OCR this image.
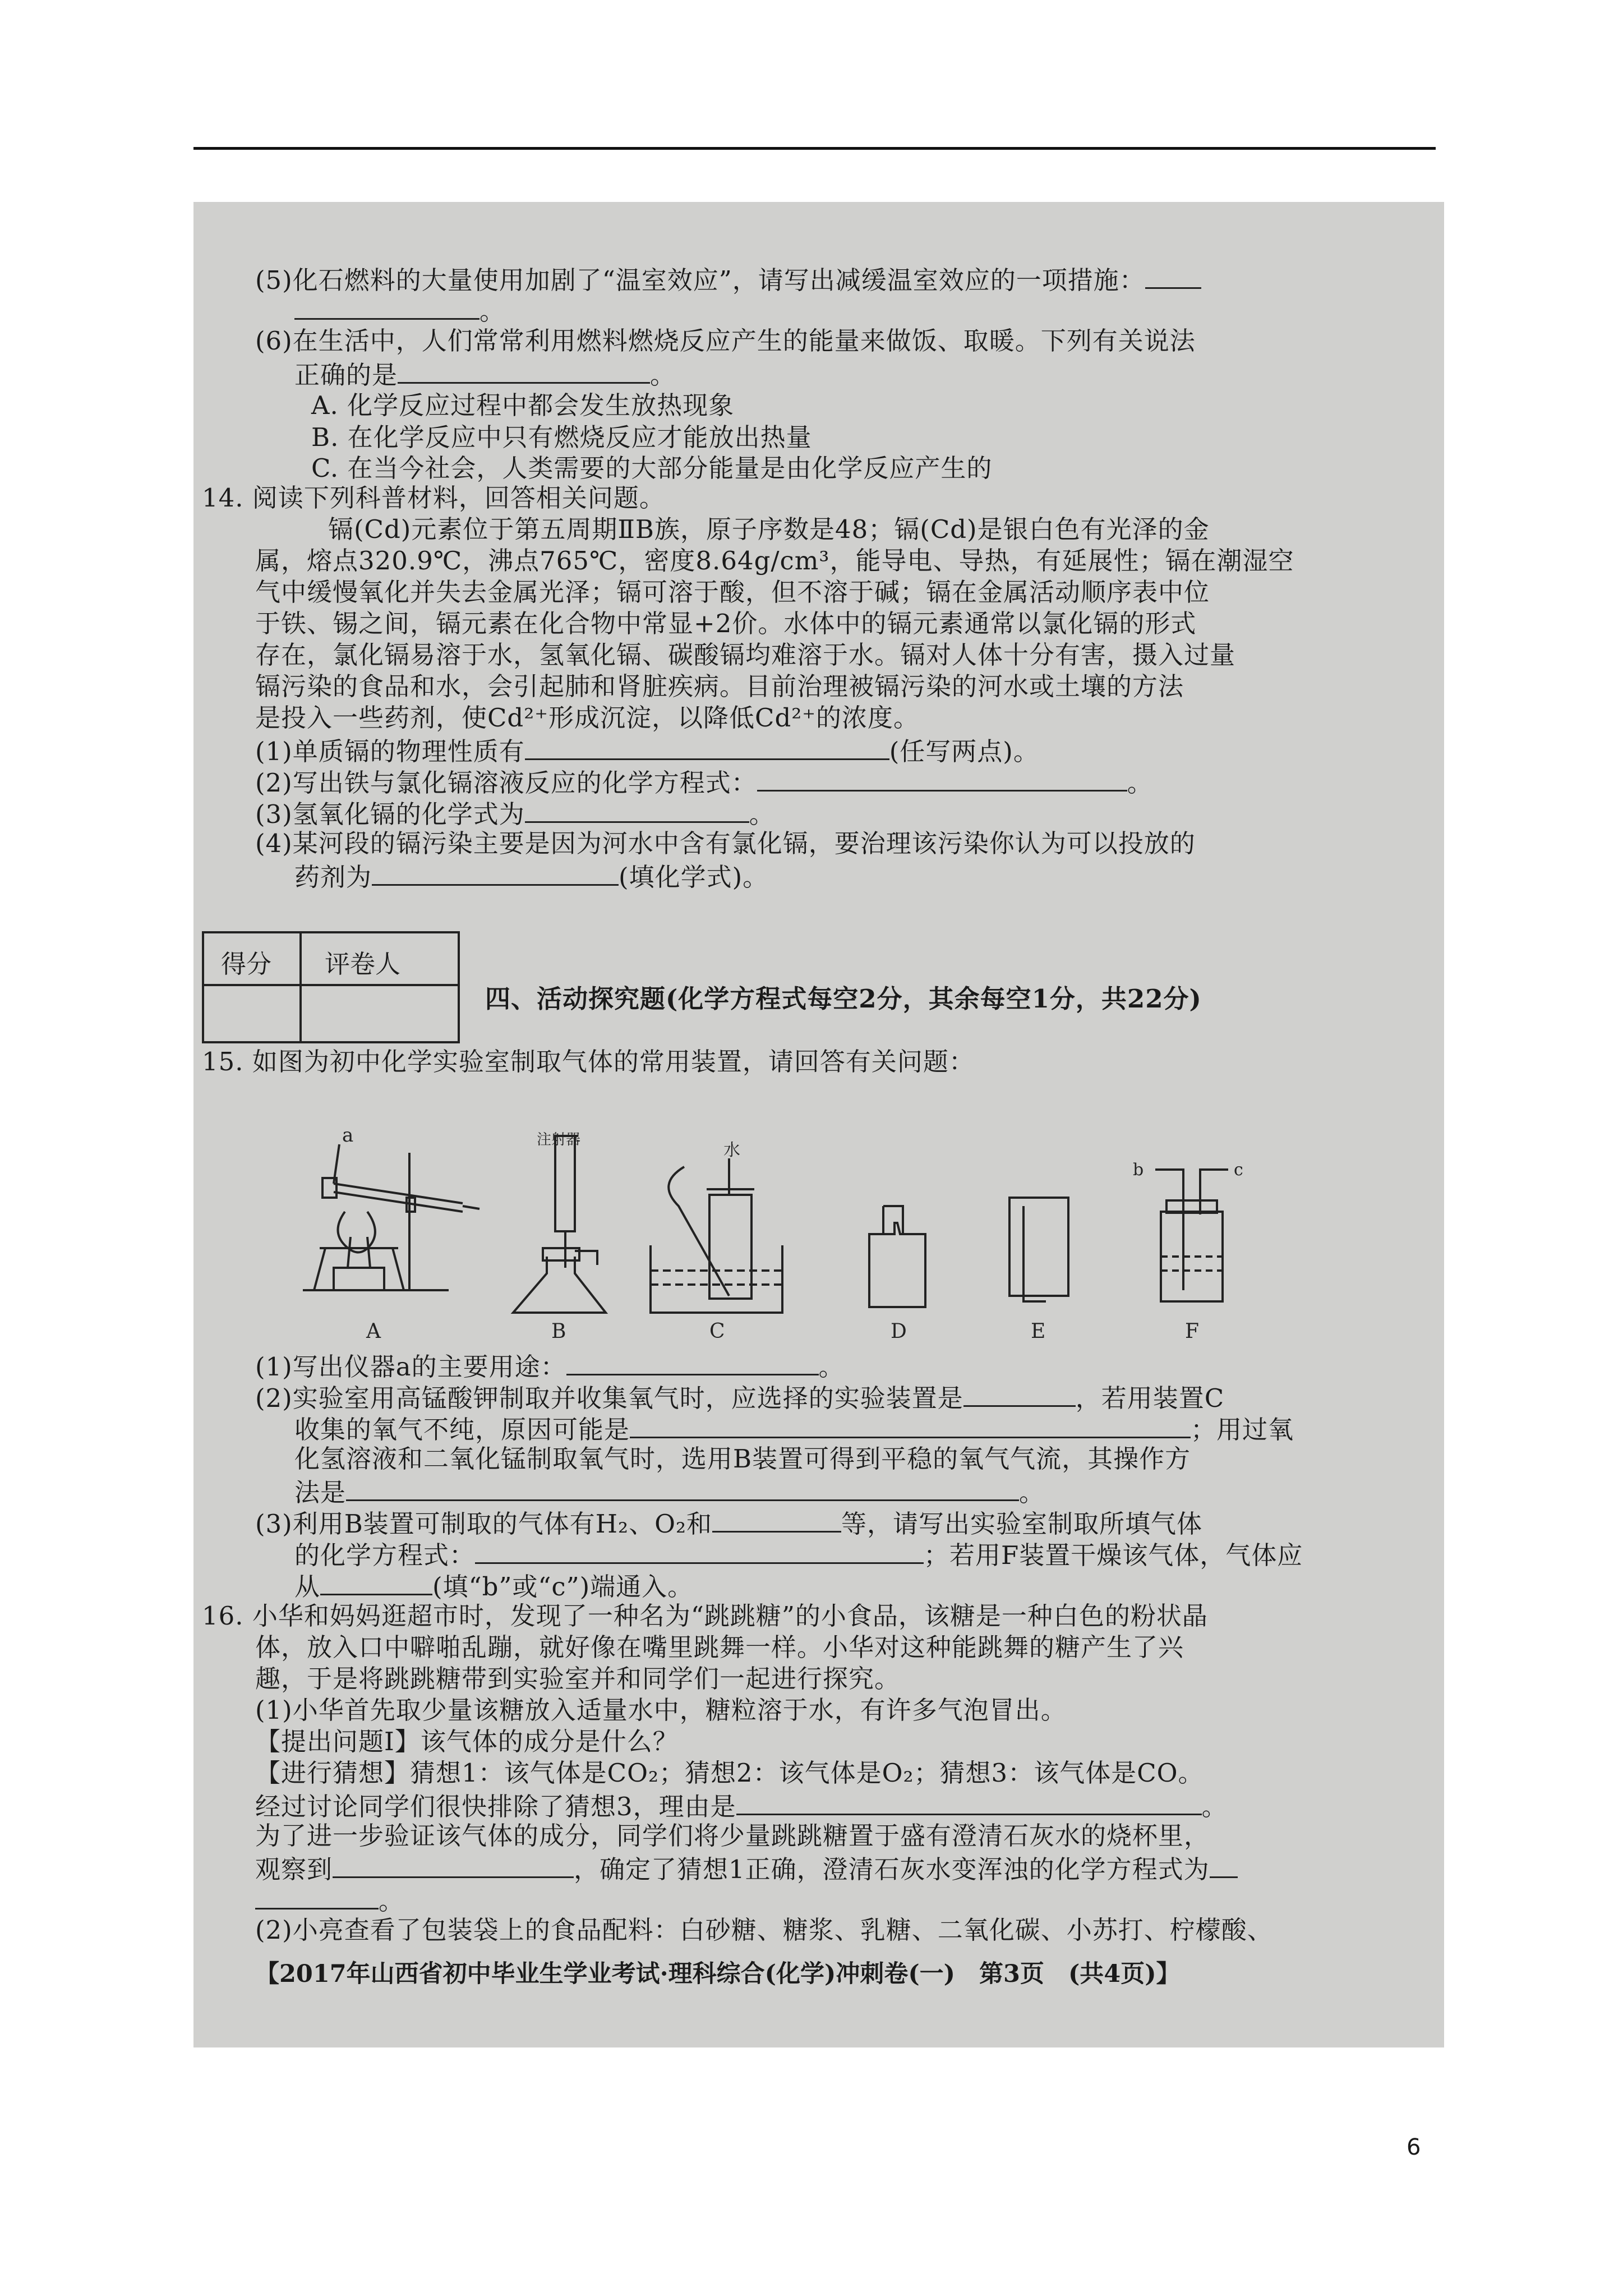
(5)化石燃料的大量使用加剧了“温室效应”，请写出减缓温室效应的一项措施：
。
(6)在生活中，人们常常利用燃料燃烧反应产生的能量来做饭、取暖。下列有关说法
正确的是	。
A. 化学反应过程中都会发生放热现象
B. 在化学反应中只有燃烧反应才能放出热量
C. 在当今社会，人类需要的大部分能量是由化学反应产生的
14. 阅读下列科普材料，回答相关问题。
镉(Cd)元素位于第五周期ⅡB族，原子序数是48；镉(Cd)是银白色有光泽的金
属，熔点320.9℃，沸点765℃，密度8.64g/cm³，能导电、导热，有延展性；镉在潮湿空
气中缓慢氧化并失去金属光泽；镉可溶于酸，但不溶于碱；镉在金属活动顺序表中位
于铁、锡之间，镉元素在化合物中常显+2价。水体中的镉元素通常以氯化镉的形式
存在，氯化镉易溶于水，氢氧化镉、碳酸镉均难溶于水。镉对人体十分有害，摄入过量
镉污染的食品和水，会引起肺和肾脏疾病。目前治理被镉污染的河水或土壤的方法
是投入一些药剂，使Cd²⁺形成沉淀，以降低Cd²⁺的浓度。
(1)单质镉的物理性质有	(任写两点)。
(2)写出铁与氯化镉溶液反应的化学方程式：	。
(3)氢氧化镉的化学式为	。
(4)某河段的镉污染主要是因为河水中含有氯化镉，要治理该污染你认为可以投放的
药剂为	(填化学式)。
得分 评卷人
四、活动探究题(化学方程式每空2分，其余每空1分，共22分)
15. 如图为初中化学实验室制取气体的常用装置，请回答有关问题：
a
A
注射器
B
水
C	D	E
b	c
F
(1)写出仪器a的主要用途：	。
(2)实验室用高锰酸钾制取并收集氧气时，应选择的实验装置是	，若用装置C
收集的氧气不纯，原因可能是	；用过氧
化氢溶液和二氧化锰制取氧气时，选用B装置可得到平稳的氧气气流，其操作方
法是	。
(3)利用B装置可制取的气体有H₂、O₂和	等，请写出实验室制取所填气体
的化学方程式：	；若用F装置干燥该气体，气体应
从	(填“b”或“c”)端通入。
16. 小华和妈妈逛超市时，发现了一种名为“跳跳糖”的小食品，该糖是一种白色的粉状晶
体，放入口中噼啪乱蹦，就好像在嘴里跳舞一样。小华对这种能跳舞的糖产生了兴
趣，于是将跳跳糖带到实验室并和同学们一起进行探究。
(1)小华首先取少量该糖放入适量水中，糖粒溶于水，有许多气泡冒出。
【提出问题Ⅰ】该气体的成分是什么？
【进行猜想】猜想1：该气体是CO₂；猜想2：该气体是O₂；猜想3：该气体是CO。
经过讨论同学们很快排除了猜想3，理由是	。
为了进一步验证该气体的成分，同学们将少量跳跳糖置于盛有澄清石灰水的烧杯里，
观察到	，确定了猜想1正确，澄清石灰水变浑浊的化学方程式为
。
(2)小亮查看了包装袋上的食品配料：白砂糖、糖浆、乳糖、二氧化碳、小苏打、柠檬酸、
【2017年山西省初中毕业生学业考试·理科综合(化学)冲刺卷(一)　第3页　(共4页)】
6
